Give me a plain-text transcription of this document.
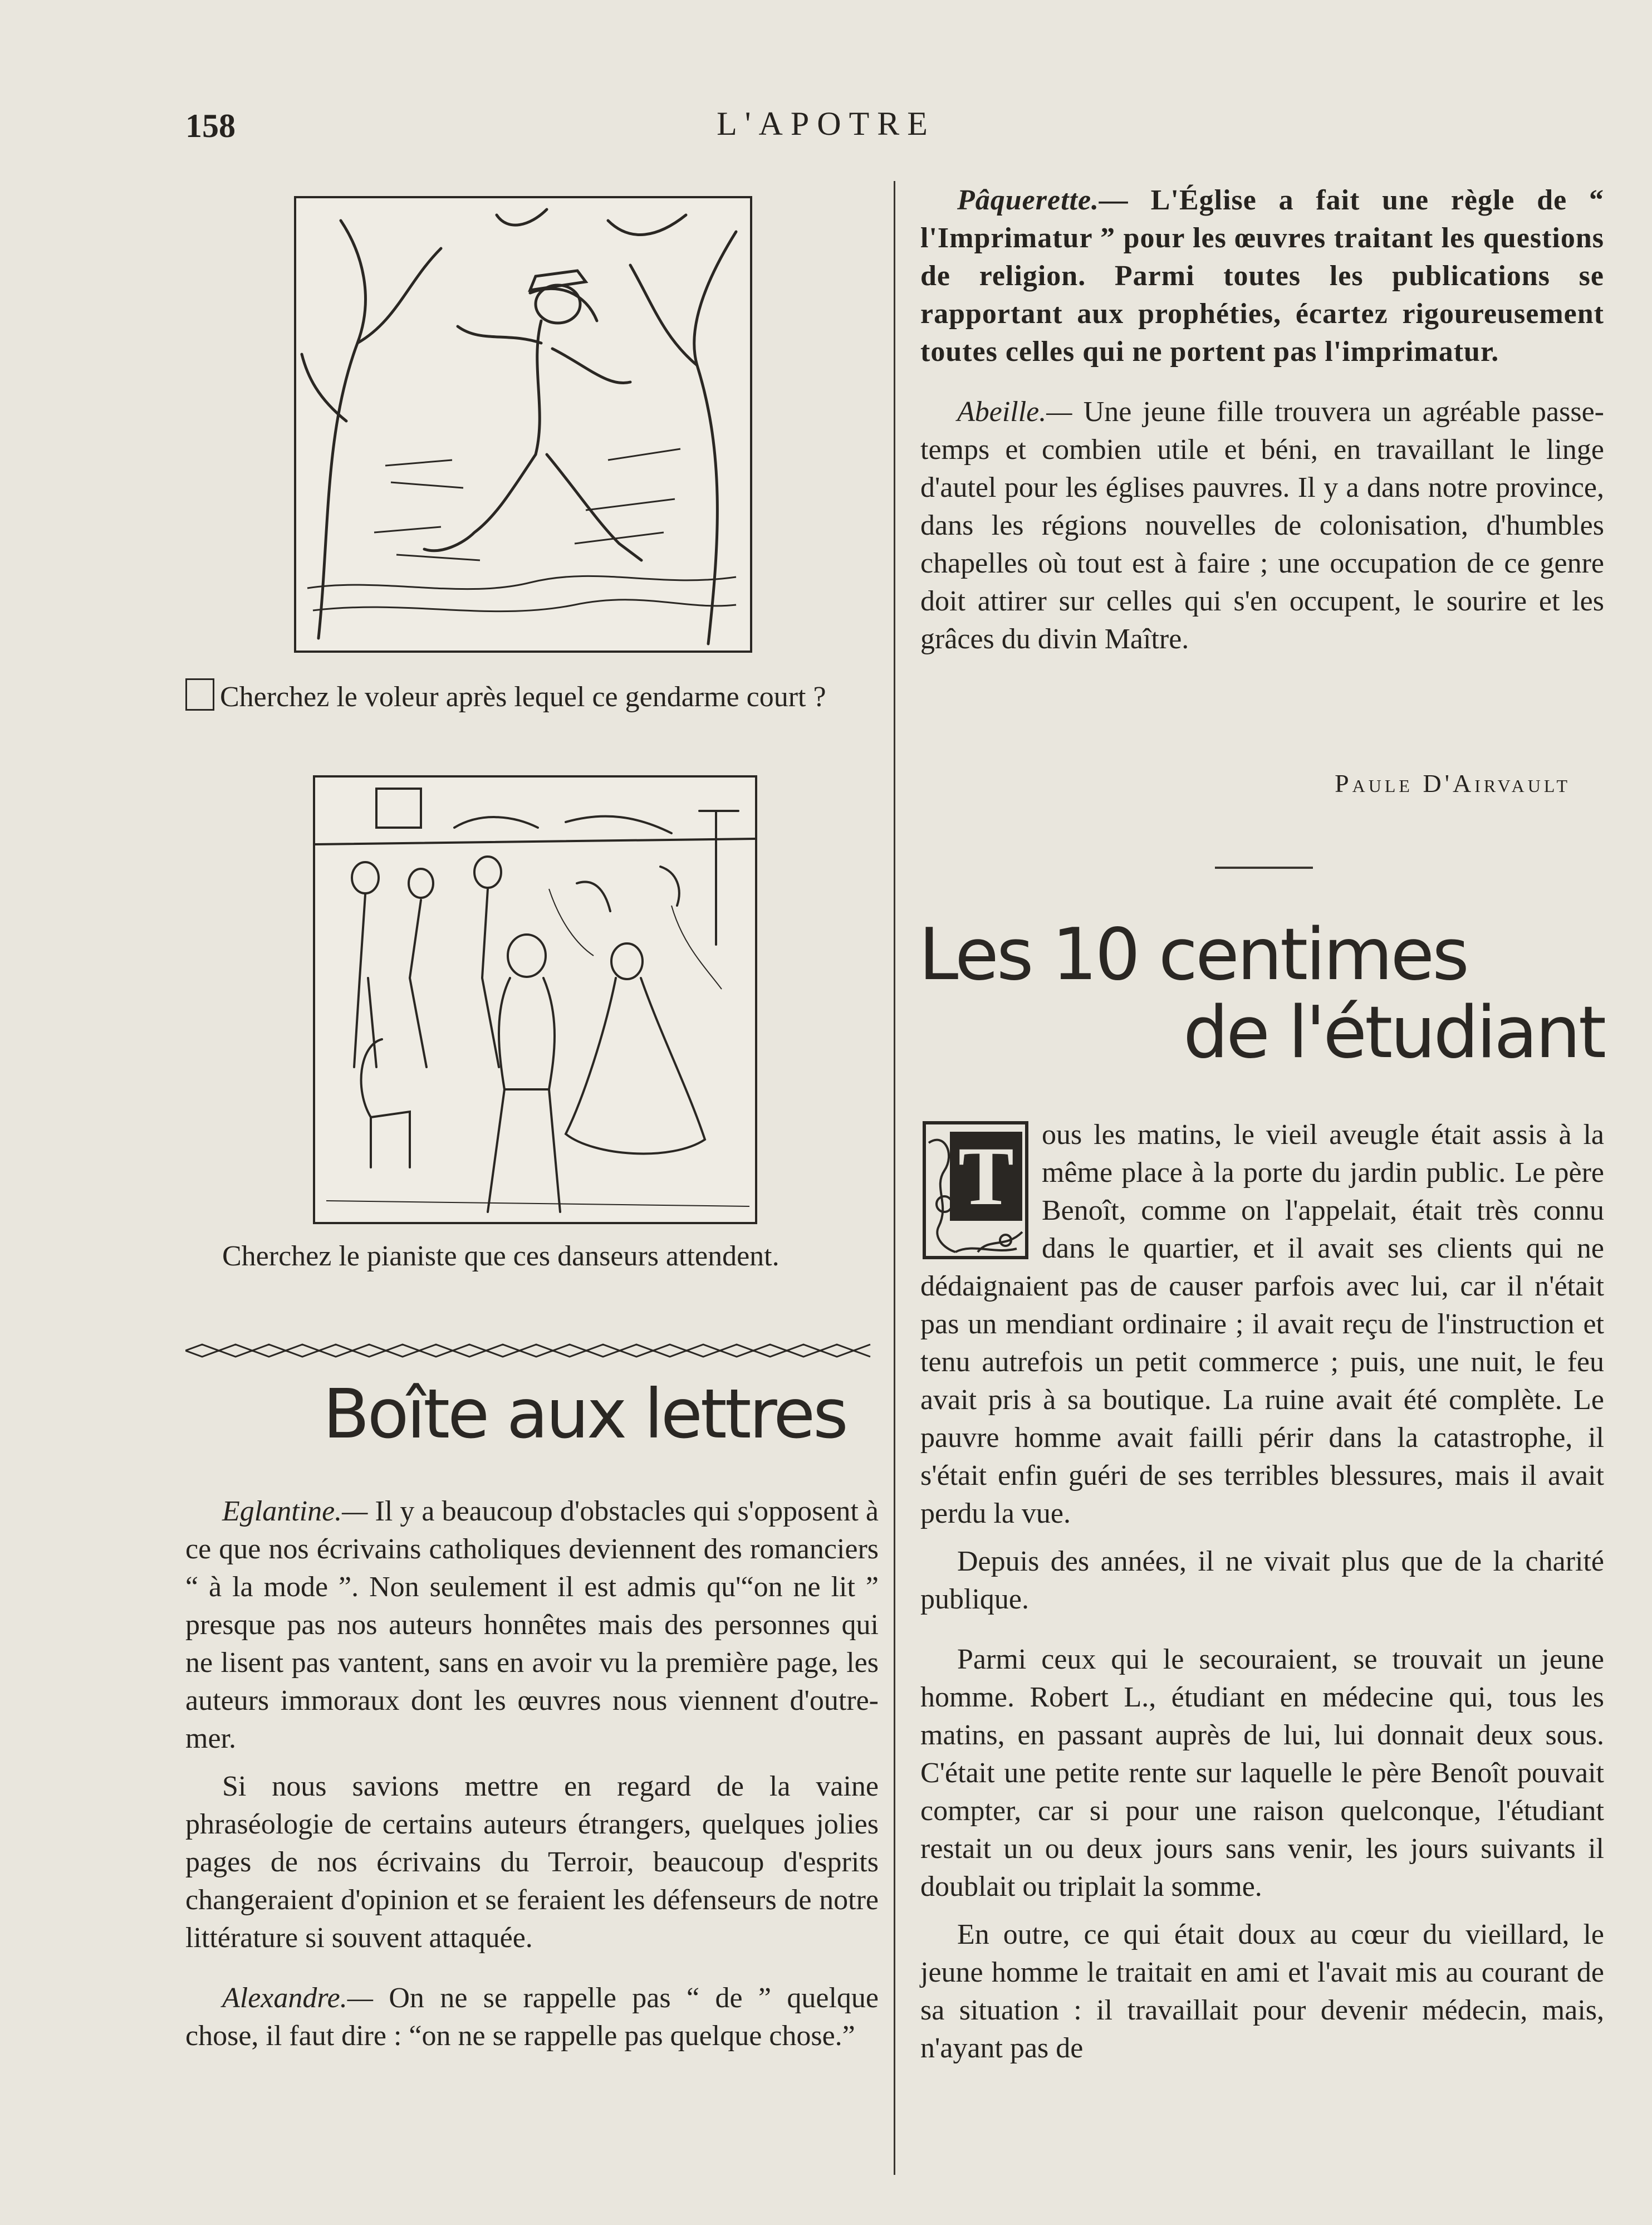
158	L'APOTRE
Cherchez le voleur après lequel ce gendarme court ?
Cherchez le pianiste que ces danseurs attendent.
Boîte aux lettres

Eglantine.— Il y a beaucoup d'obstacles qui s'opposent à ce que nos écrivains catholiques deviennent des romanciers “ à la mode ”. Non seulement il est admis qu'“on ne lit ” presque pas nos auteurs honnêtes mais des personnes qui ne lisent pas vantent, sans en avoir vu la première page, les auteurs immoraux dont les œuvres nous viennent d'outre-mer.

Si nous savions mettre en regard de la vaine phraséologie de certains auteurs étrangers, quelques jolies pages de nos écrivains du Terroir, beaucoup d'esprits changeraient d'opinion et se feraient les défenseurs de notre littérature si souvent attaquée.

Alexandre.— On ne se rappelle pas “ de ” quelque chose, il faut dire : “on ne se rappelle pas quelque chose.”

Pâquerette.— L'Église a fait une règle de “ l'Imprimatur ” pour les œuvres traitant les questions de religion. Parmi toutes les publications se rapportant aux prophéties, écartez rigoureusement toutes celles qui ne portent pas l'imprimatur.

Abeille.— Une jeune fille trouvera un agréable passe-temps et combien utile et béni, en travaillant le linge d'autel pour les églises pauvres. Il y a dans notre province, dans les régions nouvelles de colonisation, d'humbles chapelles où tout est à faire ; une occupation de ce genre doit attirer sur celles qui s'en occupent, le sourire et les grâces du divin Maître.

Paule D'Airvault
Les 10 centimes
de l'étudiant
T ous les matins, le vieil aveugle était assis à la même place à la porte du jardin public. Le père Benoît, comme on l'appelait, était très connu dans le quartier, et il avait ses clients qui ne dédaignaient pas de causer parfois avec lui, car il n'était pas un mendiant ordinaire ; il avait reçu de l'instruction et tenu autrefois un petit commerce ; puis, une nuit, le feu avait pris à sa boutique. La ruine avait été complète. Le pauvre homme avait failli périr dans la catastrophe, il s'était enfin guéri de ses terribles blessures, mais il avait perdu la vue.

Depuis des années, il ne vivait plus que de la charité publique.

Parmi ceux qui le secouraient, se trouvait un jeune homme. Robert L., étudiant en médecine qui, tous les matins, en passant auprès de lui, lui donnait deux sous. C'était une petite rente sur laquelle le père Benoît pouvait compter, car si pour une raison quelconque, l'étudiant restait un ou deux jours sans venir, les jours suivants il doublait ou triplait la somme.

En outre, ce qui était doux au cœur du vieillard, le jeune homme le traitait en ami et l'avait mis au courant de sa situation : il travaillait pour devenir médecin, mais, n'ayant pas de
